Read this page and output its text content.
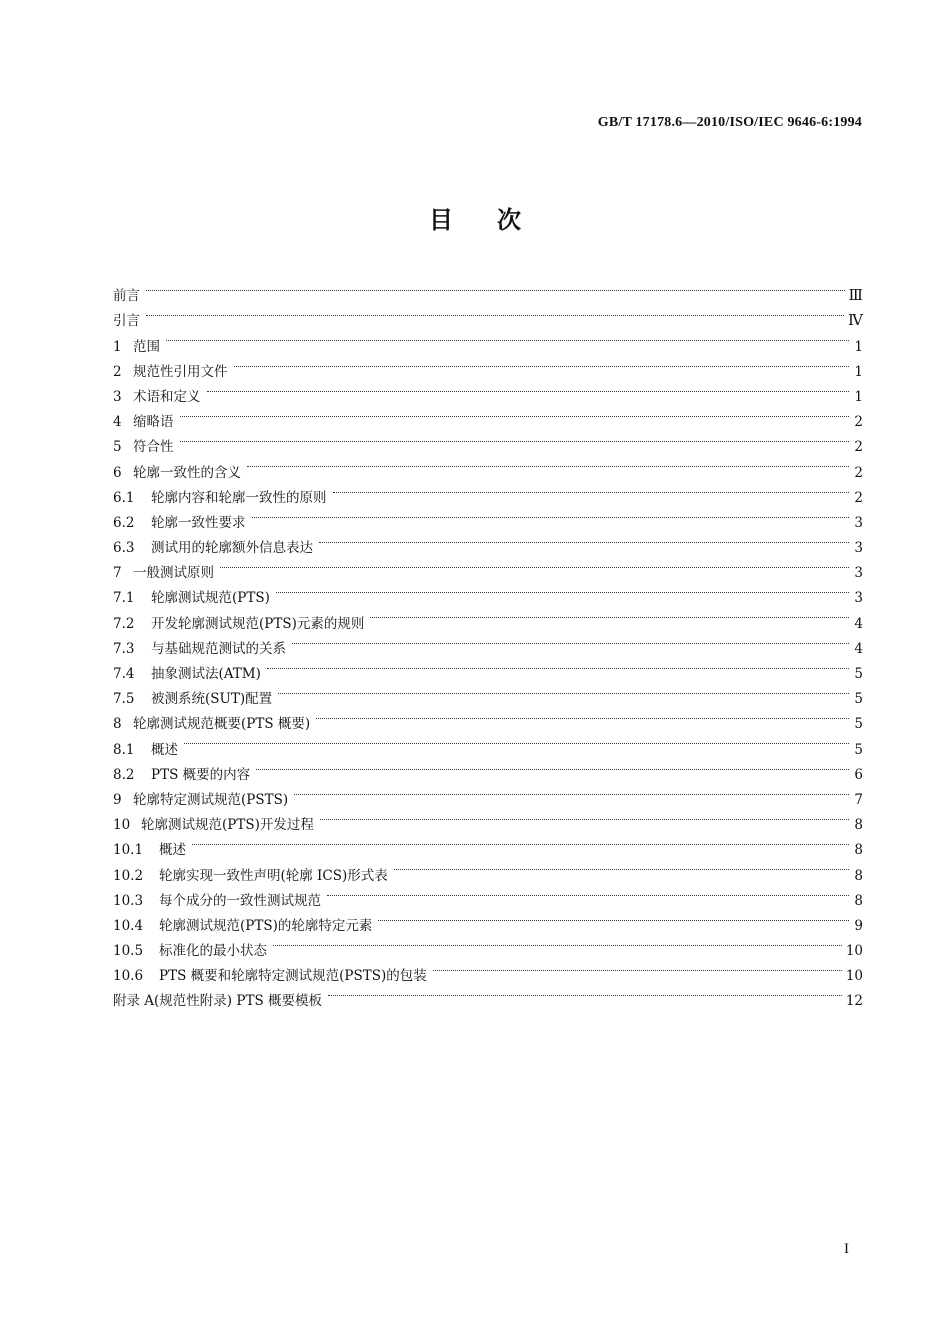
GB/T 17178.6—2010/ISO/IEC 9646-6:1994
目次
前言	Ⅲ
引言	Ⅳ
1 范围	1
2 规范性引用文件	1
3 术语和定义	1
4 缩略语	2
5 符合性	2
6 轮廓一致性的含义	2
6.1	轮廓内容和轮廓一致性的原则	2
6.2	轮廓一致性要求	3
6.3	测试用的轮廓额外信息表达	3
7 一般测试原则	3
7.1	轮廓测试规范(PTS)	3
7.2	开发轮廓测试规范(PTS)元素的规则	4
7.3	与基础规范测试的关系	4
7.4	抽象测试法(ATM)	5
7.5	被测系统(SUT)配置	5
8 轮廓测试规范概要(PTS 概要)	5
8.1	概述	5
8.2	PTS 概要的内容	6
9 轮廓特定测试规范(PSTS)	7
10 轮廓测试规范(PTS)开发过程	8
10.1	概述	8
10.2	轮廓实现一致性声明(轮廓 ICS)形式表	8
10.3	每个成分的一致性测试规范	8
10.4	轮廓测试规范(PTS)的轮廓特定元素	9
10.5	标准化的最小状态	10
10.6	PTS 概要和轮廓特定测试规范(PSTS)的包装	10
附录 A(规范性附录) PTS 概要模板	12
I
